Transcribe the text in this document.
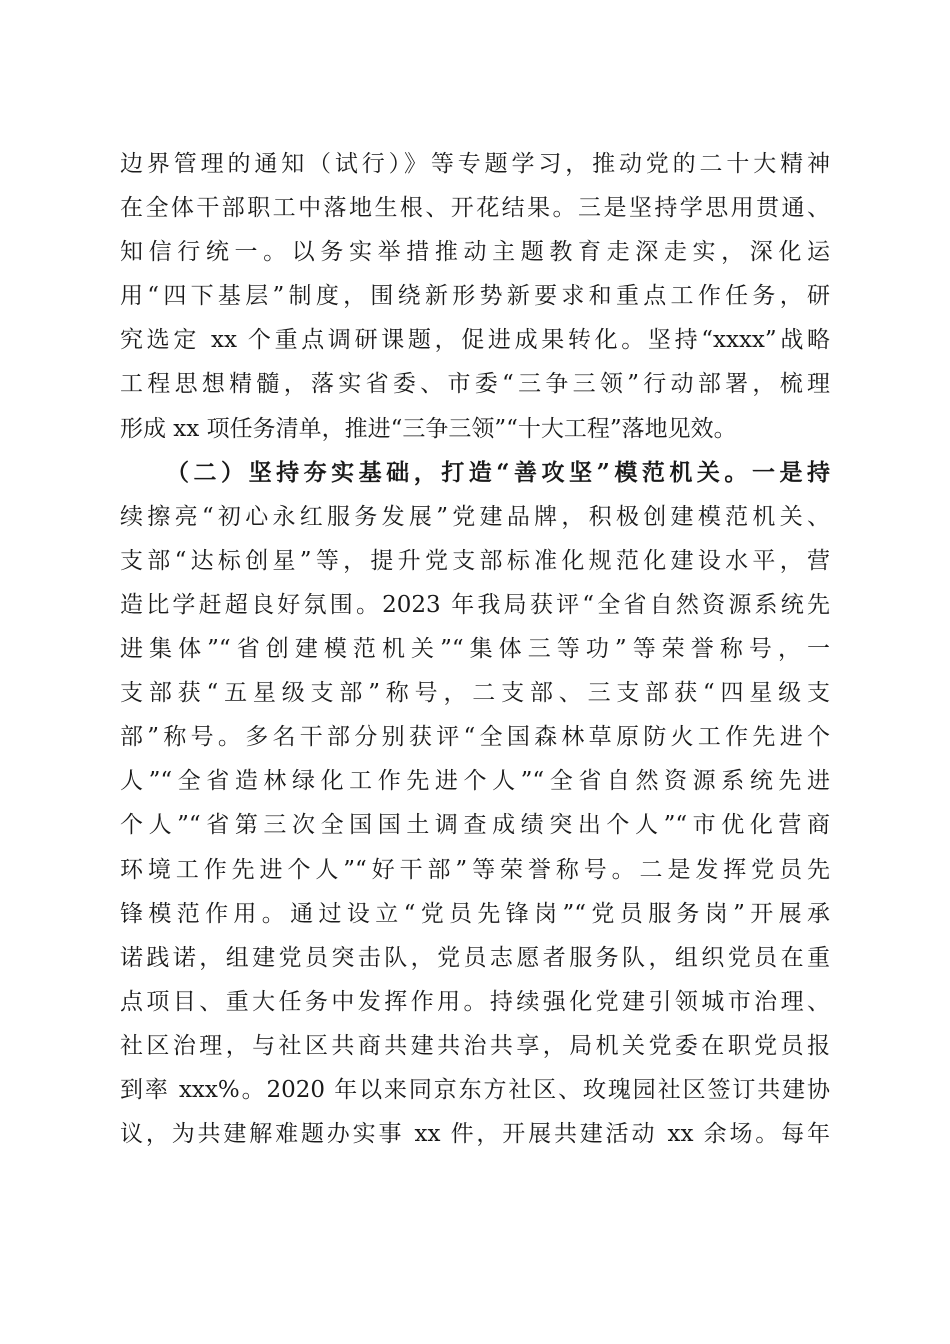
边界管理的通知（试行）》等专题学习，推动党的二十大精神
在全体干部职工中落地生根、开花结果。三是坚持学思用贯通、
知信行统一。以务实举措推动主题教育走深走实，深化运
用“四下基层”制度，围绕新形势新要求和重点工作任务，研
究选定 xx 个重点调研课题，促进成果转化。坚持“xxxx”战略
工程思想精髓，落实省委、市委“三争三领”行动部署，梳理
形成 xx 项任务清单，推进“三争三领”“十大工程”落地见效。
（二）坚持夯实基础，打造“善攻坚”模范机关。一是持
续擦亮“初心永红服务发展”党建品牌，积极创建模范机关、
支部“达标创星”等，提升党支部标准化规范化建设水平，营
造比学赶超良好氛围。2023 年我局获评“全省自然资源系统先
进集体”“省创建模范机关”“集体三等功”等荣誉称号，一
支部获“五星级支部”称号，二支部、三支部获“四星级支
部”称号。多名干部分别获评“全国森林草原防火工作先进个
人”“全省造林绿化工作先进个人”“全省自然资源系统先进
个人”“省第三次全国国土调查成绩突出个人”“市优化营商
环境工作先进个人”“好干部”等荣誉称号。二是发挥党员先
锋模范作用。通过设立“党员先锋岗”“党员服务岗”开展承
诺践诺，组建党员突击队，党员志愿者服务队，组织党员在重
点项目、重大任务中发挥作用。持续强化党建引领城市治理、
社区治理，与社区共商共建共治共享，局机关党委在职党员报
到率 xxx%。2020 年以来同京东方社区、玫瑰园社区签订共建协
议，为共建解难题办实事 xx 件，开展共建活动 xx 余场。每年
